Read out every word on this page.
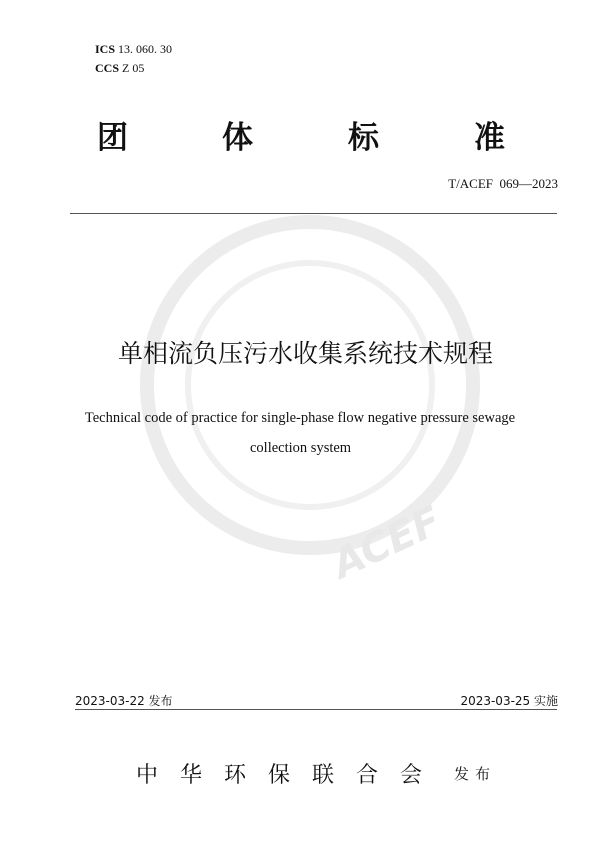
ACEF
ICS 13. 060. 30
CCS Z 05
团	体	标	准
T/ACEF  069—2023
单相流负压污水收集系统技术规程
Technical code of practice for single-phase flow negative pressure sewage
collection system
2023-03-22 发布	2023-03-25 实施
中 华 环 保 联 合 会 发布
